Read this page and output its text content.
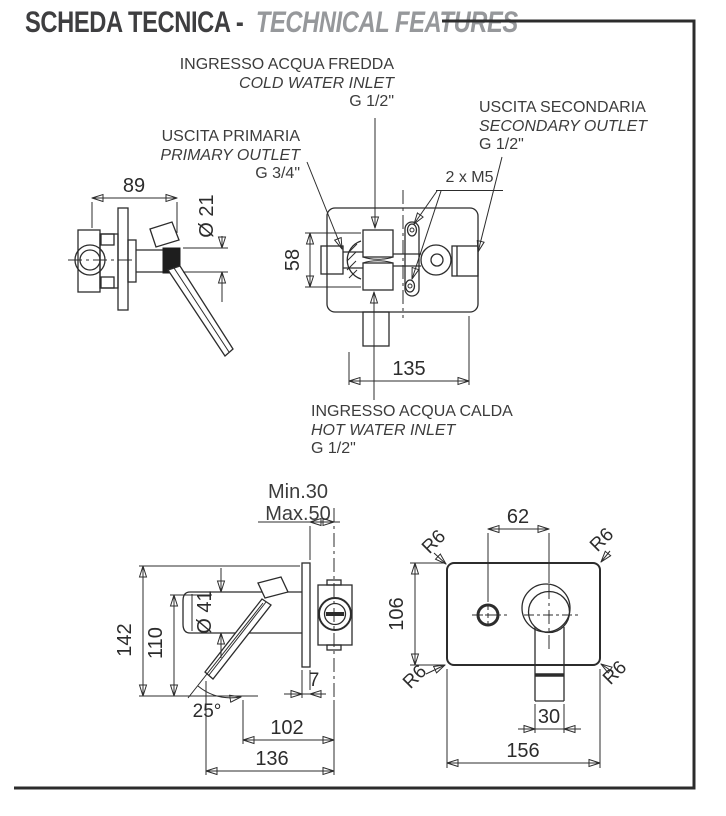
SCHEDA TECNICA - TECHNICAL FEATURES
INGRESSO ACQUA FREDDA
COLD WATER INLET
G 1/2"	USCITA SECONDARIA
SECONDARY OUTLET
G 1/2"
USCITA PRIMARIA
PRIMARY OUTLET
G 3/4"
INGRESSO ACQUA CALDA
HOT WATER INLET
G 1/2"
2 x M5
Min.30
Max.50
89
Ø 21
58
135
25°
142 110
Ø 41
7
102
136
62
R6	R6
R6	R6
106
30
156
